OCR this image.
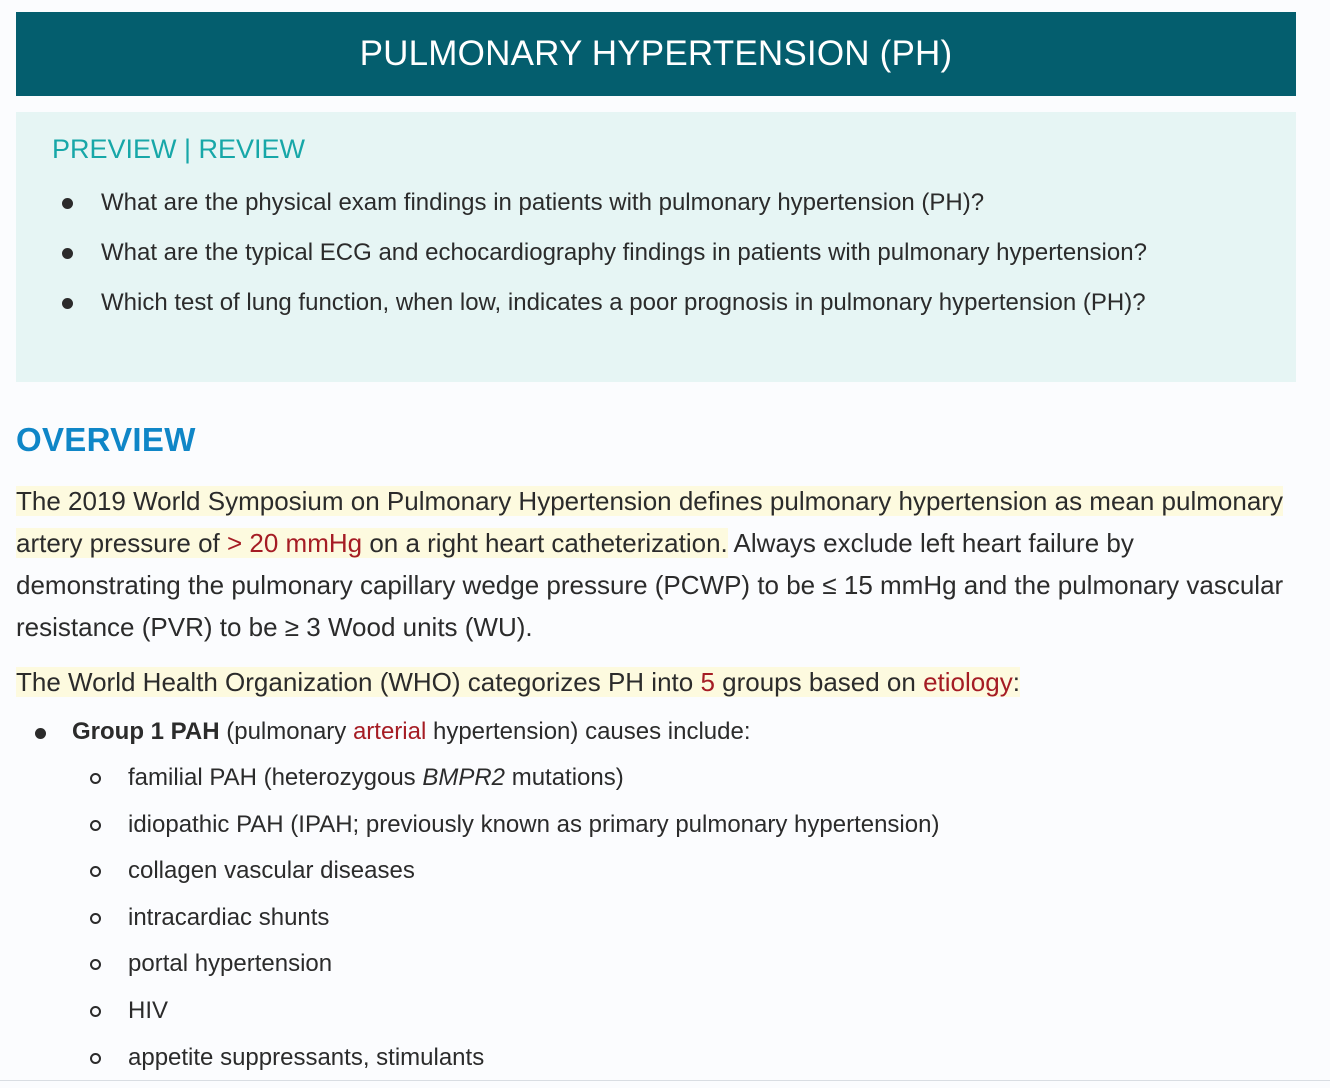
PULMONARY HYPERTENSION (PH)
PREVIEW | REVIEW
What are the physical exam findings in patients with pulmonary hypertension (PH)?
What are the typical ECG and echocardiography findings in patients with pulmonary hypertension?
Which test of lung function, when low, indicates a poor prognosis in pulmonary hypertension (PH)?
OVERVIEW
The 2019 World Symposium on Pulmonary Hypertension defines pulmonary hypertension as mean pulmonary artery pressure of > 20 mmHg on a right heart catheterization. Always exclude left heart failure by demonstrating the pulmonary capillary wedge pressure (PCWP) to be ≤ 15 mmHg and the pulmonary vascular resistance (PVR) to be ≥ 3 Wood units (WU).
The World Health Organization (WHO) categorizes PH into 5 groups based on etiology:
Group 1 PAH (pulmonary arterial hypertension) causes include:
familial PAH (heterozygous BMPR2 mutations)
idiopathic PAH (IPAH; previously known as primary pulmonary hypertension)
collagen vascular diseases
intracardiac shunts
portal hypertension
HIV
appetite suppressants, stimulants
